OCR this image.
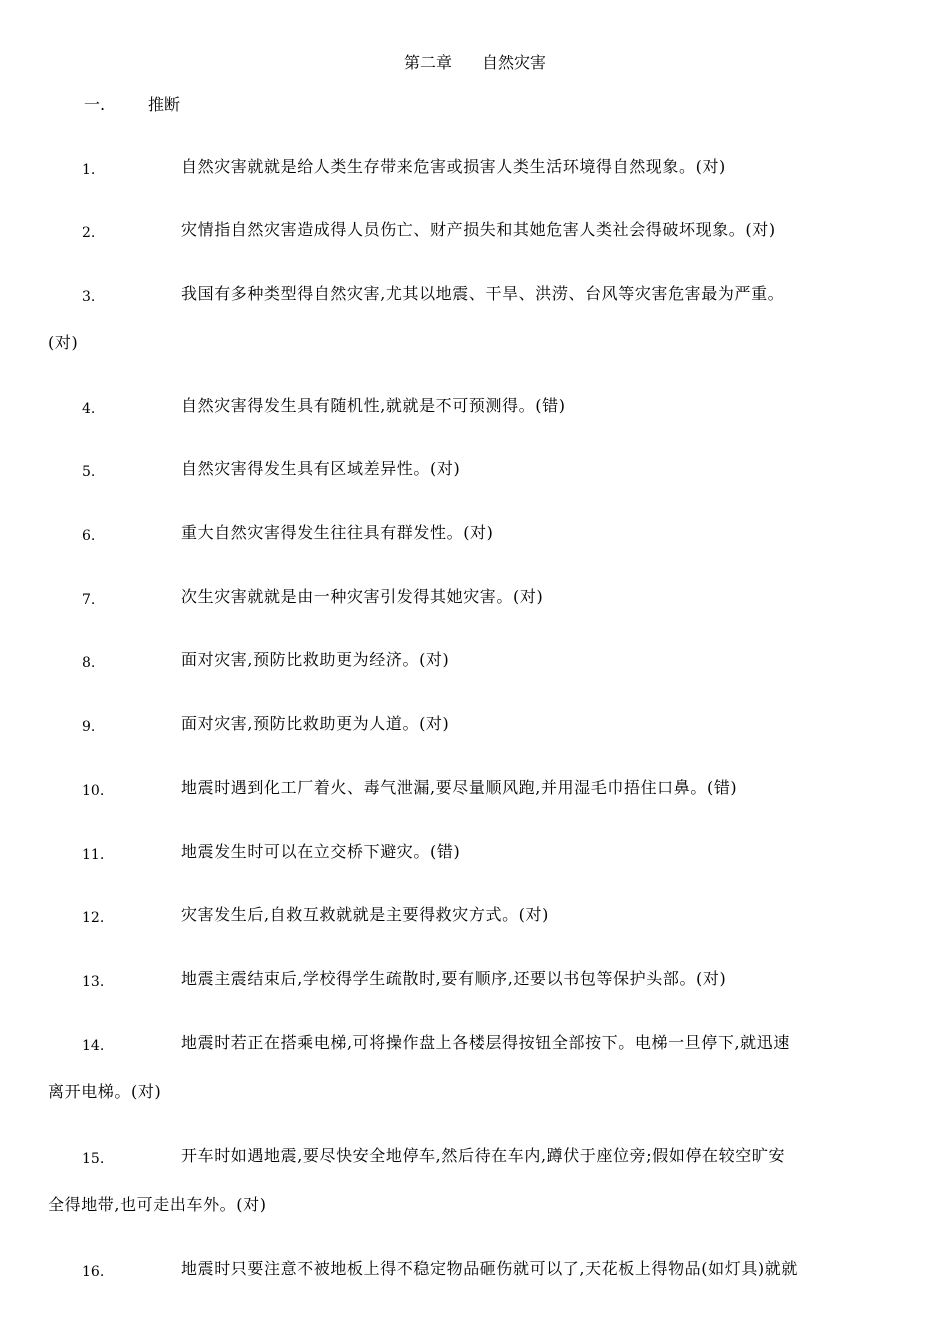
第二章 自然灾害
一.	推断
1.	自然灾害就就是给人类生存带来危害或损害人类生活环境得自然现象。(对)
2.	灾情指自然灾害造成得人员伤亡、财产损失和其她危害人类社会得破坏现象。(对)
3.	我国有多种类型得自然灾害,尤其以地震、干旱、洪涝、台风等灾害危害最为严重。
(对)
4.	自然灾害得发生具有随机性,就就是不可预测得。(错)
5.	自然灾害得发生具有区域差异性。(对)
6.	重大自然灾害得发生往往具有群发性。(对)
7.	次生灾害就就是由一种灾害引发得其她灾害。(对)
8.	面对灾害,预防比救助更为经济。(对)
9.	面对灾害,预防比救助更为人道。(对)
10.	地震时遇到化工厂着火、毒气泄漏,要尽量顺风跑,并用湿毛巾捂住口鼻。(错)
11.	地震发生时可以在立交桥下避灾。(错)
12.	灾害发生后,自救互救就就是主要得救灾方式。(对)
13.	地震主震结束后,学校得学生疏散时,要有顺序,还要以书包等保护头部。(对)
14.	地震时若正在搭乘电梯,可将操作盘上各楼层得按钮全部按下。电梯一旦停下,就迅速
离开电梯。(对)
15.	开车时如遇地震,要尽快安全地停车,然后待在车内,蹲伏于座位旁;假如停在较空旷安
全得地带,也可走出车外。(对)
16.	地震时只要注意不被地板上得不稳定物品砸伤就可以了,天花板上得物品(如灯具)就就
